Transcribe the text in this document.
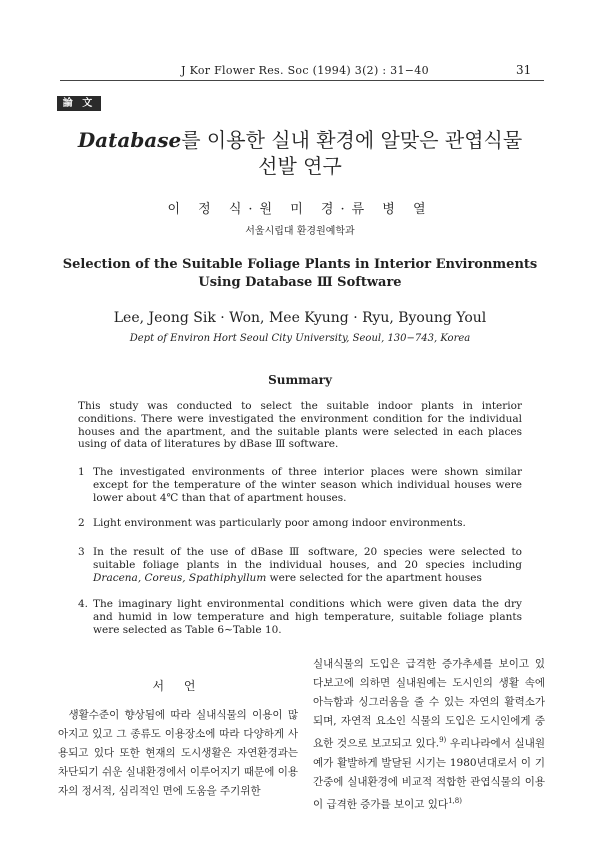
J Kor Flower Res. Soc (1994) 3(2) : 31−40	31
論 文
Database를 이용한 실내 환경에 알맞은 관엽식물
선발 연구
이 정 식·원 미 경·류 병 열
서울시립대 환경원예학과
Selection of the Suitable Foliage Plants in Interior Environments
Using Database Ⅲ Software
Lee, Jeong Sik · Won, Mee Kyung · Ryu, Byoung Youl
Dept of Environ Hort Seoul City University, Seoul, 130−743, Korea
Summary
This study was conducted to select the suitable indoor plants in interior conditions. There were investigated the environment condition for the individual houses and the apartment, and the suitable plants were selected in each places using of data of literatures by dBase Ⅲ software.
1 The investigated environments of three interior places were shown similar except for the temperature of the winter season which individual houses were lower about 4℃ than that of apartment houses.
2 Light environment was particularly poor among indoor environments.
3 In the result of the use of dBase Ⅲ software, 20 species were selected to suitable foliage plants in the individual houses, and 20 species including Dracena, Coreus, Spathiphyllum were selected for the apartment houses
4. The imaginary light environmental conditions which were given data the dry and humid in low temperature and high temperature, suitable foliage plants were selected as Table 6∼Table 10.
서 언
생활수준이 향상됨에 따라 실내식물의 이용이 많아지고 있고 그 종류도 이용장소에 따라 다양하게 사용되고 있다 또한 현재의 도시생활은 자연환경과는 차단되기 쉬운 실내환경에서 이루어지기 때문에 이용자의 정서적, 심리적인 면에 도움을 주기위한
실내식물의 도입은 급격한 증가추세를 보이고 있다.
보고에 의하면 실내원예는 도시인의 생활 속에 아늑함과 싱그러움을 줄 수 있는 자연의 활력소가 되며, 자연적 요소인 식물의 도입은 도시인에게 중요한 것으로 보고되고 있다.$^{9)}$ 우리나라에서 실내원예가 활발하게 발달된 시기는 1980년대로서 이 기간중에 실내환경에 비교적 적합한 관엽식물의 이용이 급격한 증가를 보이고 있다$^{1,8)}$
